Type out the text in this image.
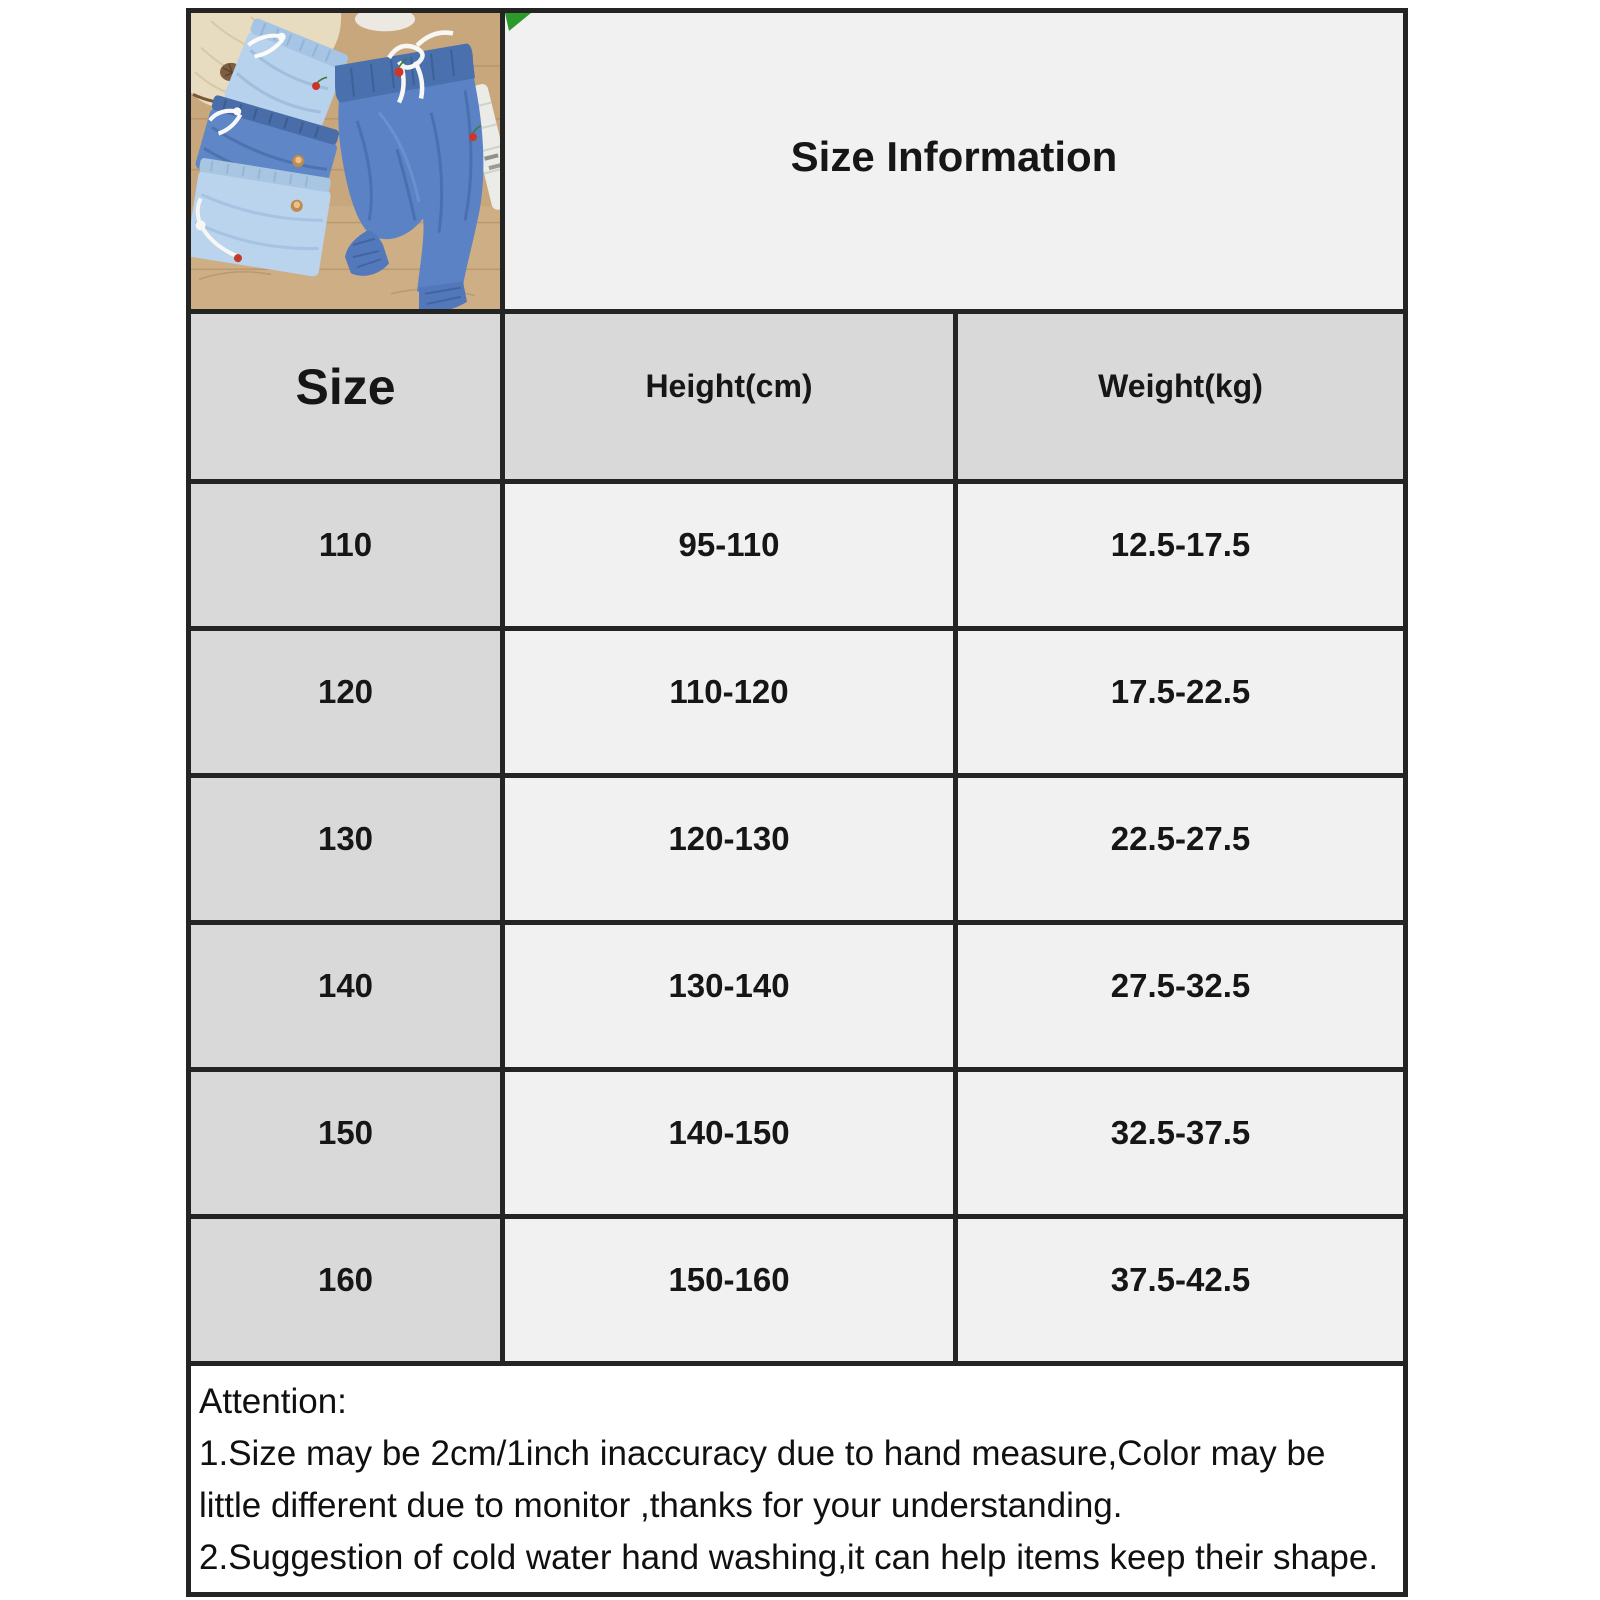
Size Information
Size	Height(cm)	Weight(kg)
110	95-110	12.5-17.5
120	110-120	17.5-22.5
130	120-130	22.5-27.5
140	130-140	27.5-32.5
150	140-150	32.5-37.5
160	150-160	37.5-42.5

Attention:

1.Size may be 2cm/1inch inaccuracy due to hand measure,Color may be little different due to monitor ,thanks for your understanding.

2.Suggestion of cold water hand washing,it can help items keep their shape.
